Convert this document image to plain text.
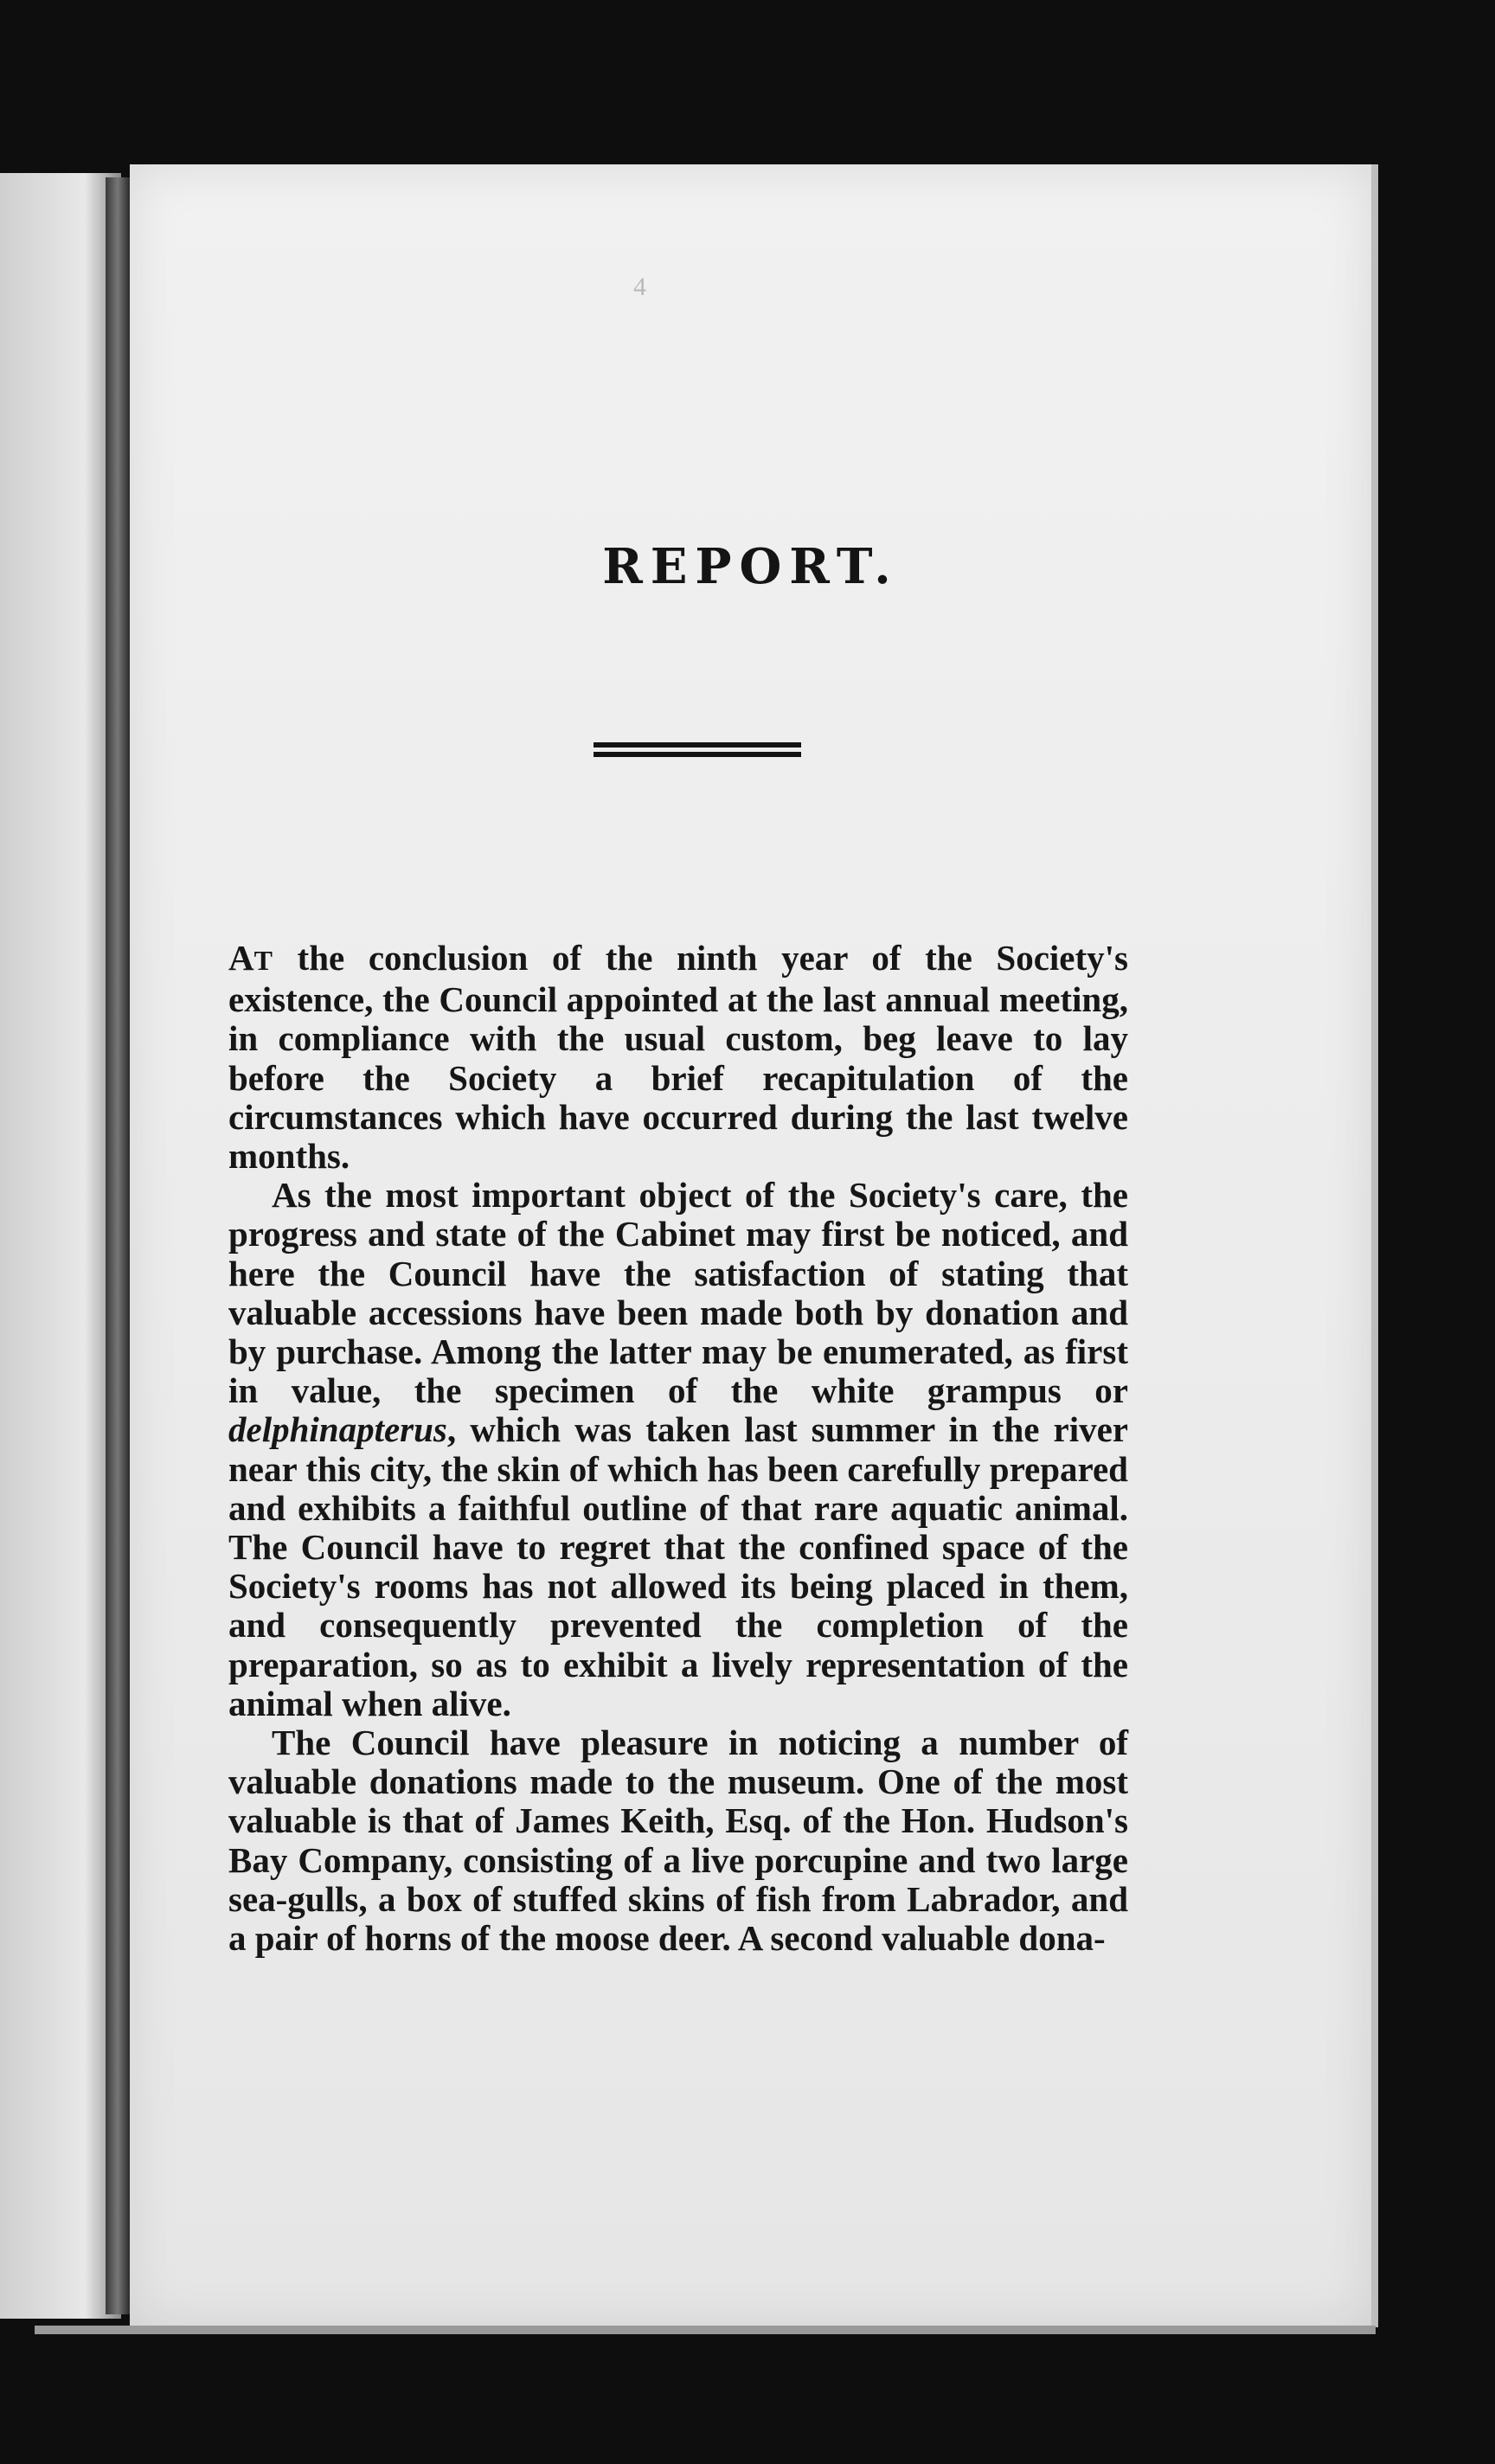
4
REPORT.

AT the conclusion of the ninth year of the Society's existence, the Council appointed at the last annual meeting, in compliance with the usual custom, beg leave to lay before the Society a brief recapitulation of the circumstances which have occurred during the last twelve months.

As the most important object of the Society's care, the progress and state of the Cabinet may first be noticed, and here the Council have the satisfaction of stating that valuable accessions have been made both by donation and by purchase. Among the latter may be enumerated, as first in value, the specimen of the white grampus or delphinapterus, which was taken last summer in the river near this city, the skin of which has been carefully prepared and exhibits a faithful outline of that rare aquatic animal. The Council have to regret that the confined space of the Society's rooms has not allowed its being placed in them, and consequently prevented the completion of the preparation, so as to exhibit a lively representation of the animal when alive.

The Council have pleasure in noticing a number of valuable donations made to the museum. One of the most valuable is that of James Keith, Esq. of the Hon. Hudson's Bay Company, consisting of a live porcupine and two large sea-gulls, a box of stuffed skins of fish from Labrador, and a pair of horns of the moose deer. A second valuable dona-
